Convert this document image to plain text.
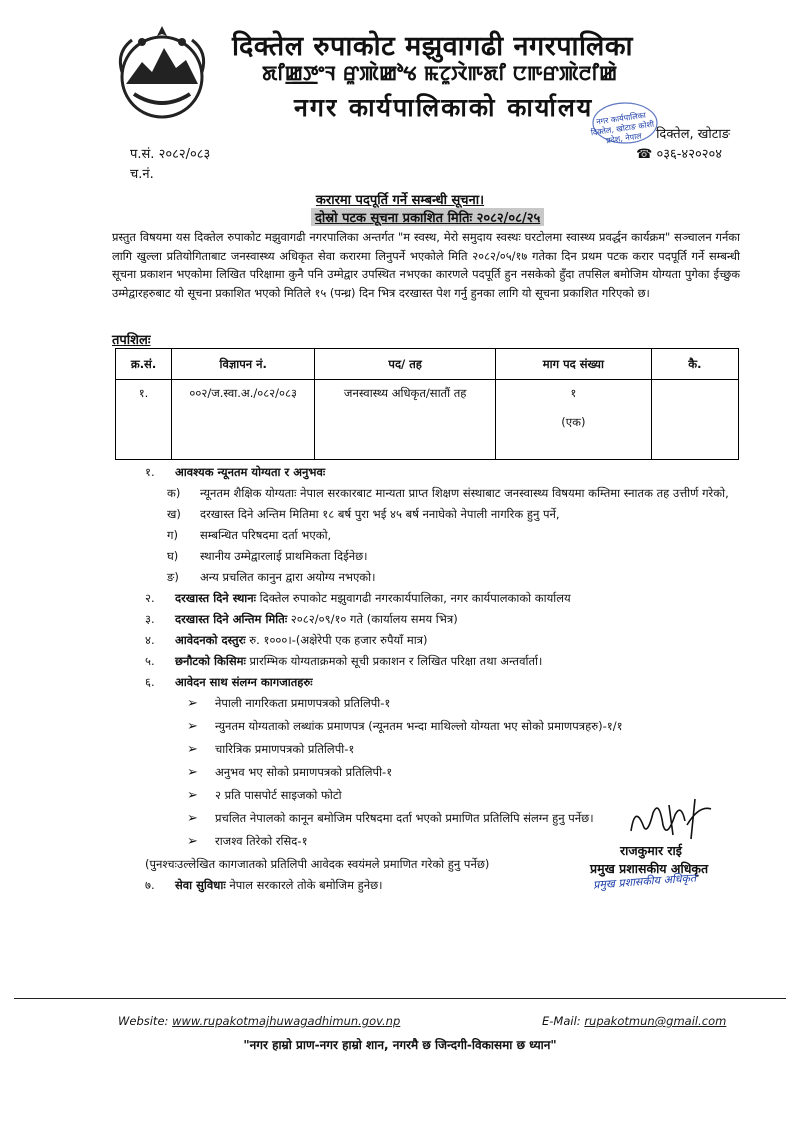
दिक्तेल रुपाकोट मझुवागढी नगरपालिका
ꯗꯤꯀ꯭ꯇꯦꯜ ꯔꯨꯄꯥꯀꯣꯠ ꯃꯖꯨꯋꯥꯒꯗꯤ ꯅꯒꯔꯄꯥꯂꯤꯀꯥ
नगर कार्यपालिकाको कार्यालय नगर कार्यपालिका दिक्तेल, खोटाङ कोशी प्रदेश, नेपाल	दिक्तेल, खोटाङ
☎ ०३६-४२०२०४
प.सं. २०८२/०८३
च.नं.
करारमा पदपूर्ति गर्ने सम्बन्धी सूचना।
दोस्रो पटक सूचना प्रकाशित मितिः २०८२/०८/२५
प्रस्तुत विषयमा यस दिक्तेल रुपाकोट मझुवागढी नगरपालिका अन्तर्गत "म स्वस्थ, मेरो समुदाय स्वस्थः घरटोलमा स्वास्थ्य प्रवर्द्धन कार्यक्रम" सञ्चालन गर्नका लागि खुल्ला प्रतियोगिताबाट जनस्वास्थ्य अधिकृत सेवा करारमा लिनुपर्ने भएकोले मिति २०८२/०५/१७ गतेका दिन प्रथम पटक करार पदपूर्ति गर्ने सम्बन्धी सूचना प्रकाशन भएकोमा लिखित परिक्षामा कुनै पनि उम्मेद्वार उपस्थित नभएका कारणले पदपूर्ति हुन नसकेको हुँदा तपसिल बमोजिम योग्यता पुगेका ईच्छुक उम्मेद्वारहरुबाट यो सूचना प्रकाशित भएको मितिले १५ (पन्ध्र) दिन भित्र दरखास्त पेश गर्नु हुनका लागि यो सूचना प्रकाशित गरिएको छ।
तपशिलः
क्र.सं.	विज्ञापन नं.	पद/ तह	माग पद संख्या	कै.
१.	००२/ज.स्वा.अ./०८२/०८३	जनस्वास्थ्य अधिकृत/सातौं तह	१
(एक)	

१. आवश्यक न्यूनतम योग्यता र अनुभवः
क) न्यूनतम शैक्षिक योग्यताः नेपाल सरकारबाट मान्यता प्राप्त शिक्षण संस्थाबाट जनस्वास्थ्य विषयमा कम्तिमा स्नातक तह उत्तीर्ण गरेको,
ख) दरखास्त दिने अन्तिम मितिमा १८ बर्ष पुरा भई ४५ बर्ष ननाघेको नेपाली नागरिक हुनु पर्ने,
ग) सम्बन्धित परिषदमा दर्ता भएको,
घ) स्थानीय उम्मेद्वारलाई प्राथमिकता दिईनेछ।
ङ) अन्य प्रचलित कानुन द्वारा अयोग्य नभएको।
२. दरखास्त दिने स्थानः दिक्तेल रुपाकोट मझुवागढी नगरकार्यपालिका, नगर कार्यपालकाको कार्यालय
३. दरखास्त दिने अन्तिम मितिः २०८२/०९/१० गते (कार्यालय समय भित्र)
४. आवेदनको दस्तुरः रु. १०००।-(अक्षेरेपी एक हजार रुपैयाँ मात्र)
५. छनौटको किसिमः प्रारम्भिक योग्यताक्रमको सूची प्रकाशन र लिखित परिक्षा तथा अन्तर्वार्ता।
६. आवेदन साथ संलग्न कागजातहरुः
➢ नेपाली नागरिकता प्रमाणपत्रको प्रतिलिपी-१
➢ न्युनतम योग्यताको लब्धांक प्रमाणपत्र (न्यूनतम भन्दा माथिल्लो योग्यता भए सोको प्रमाणपत्रहरु)-१/१
➢ चारित्रिक प्रमाणपत्रको प्रतिलिपी-१
➢ अनुभव भए सोको प्रमाणपत्रको प्रतिलिपी-१
➢ २ प्रति पासपोर्ट साइजको फोटो
➢ प्रचलित नेपालको कानून बमोजिम परिषदमा दर्ता भएको प्रमाणित प्रतिलिपि संलग्न हुनु पर्नेछ।
➢ राजश्व तिरेको रसिद-१
(पुनश्चःउल्लेखित कागजातको प्रतिलिपी आवेदक स्वयंमले प्रमाणित गरेको हुनु पर्नेछ)
७. सेवा सुविधाः नेपाल सरकारले तोके बमोजिम हुनेछ।
राजकुमार राई
प्रमुख प्रशासकीय अधिकृत
प्रमुख प्रशासकीय अधिकृत
Website: www.rupakotmajhuwagadhimun.gov.np	E-Mail: rupakotmun@gmail.com
"नगर हाम्रो प्राण-नगर हाम्रो शान, नगरमै छ जिन्दगी-विकासमा छ ध्यान"
